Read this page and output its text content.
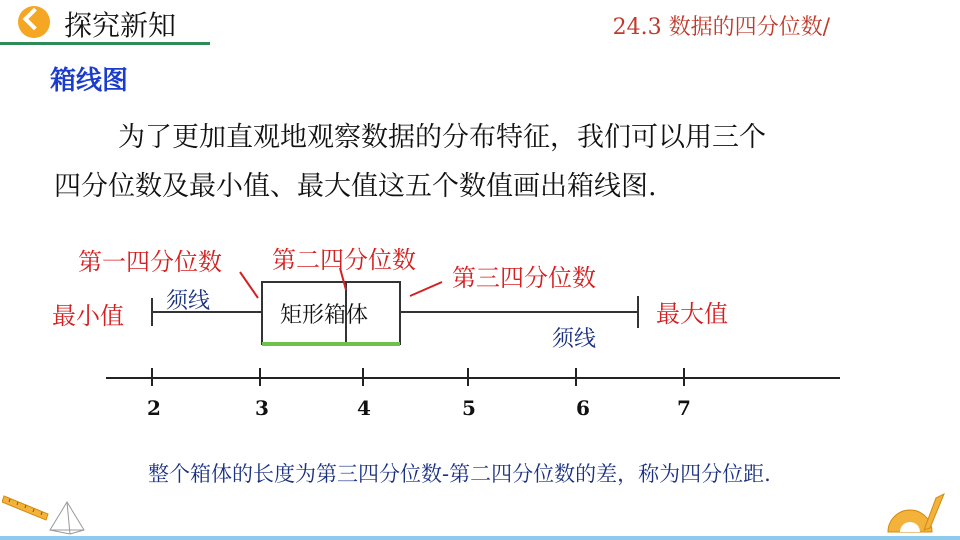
探究新知	24.3 数据的四分位数/
箱线图
为了更加直观地观察数据的分布特征，我们可以用三个
四分位数及最小值、最大值这五个数值画出箱线图.
第一四分位数 第二四分位数
第三四分位数
最小值	最大值
须线
须线
矩形箱体
2	3	4	5	6	7
整个箱体的长度为第三四分位数-第二四分位数的差，称为四分位距.
